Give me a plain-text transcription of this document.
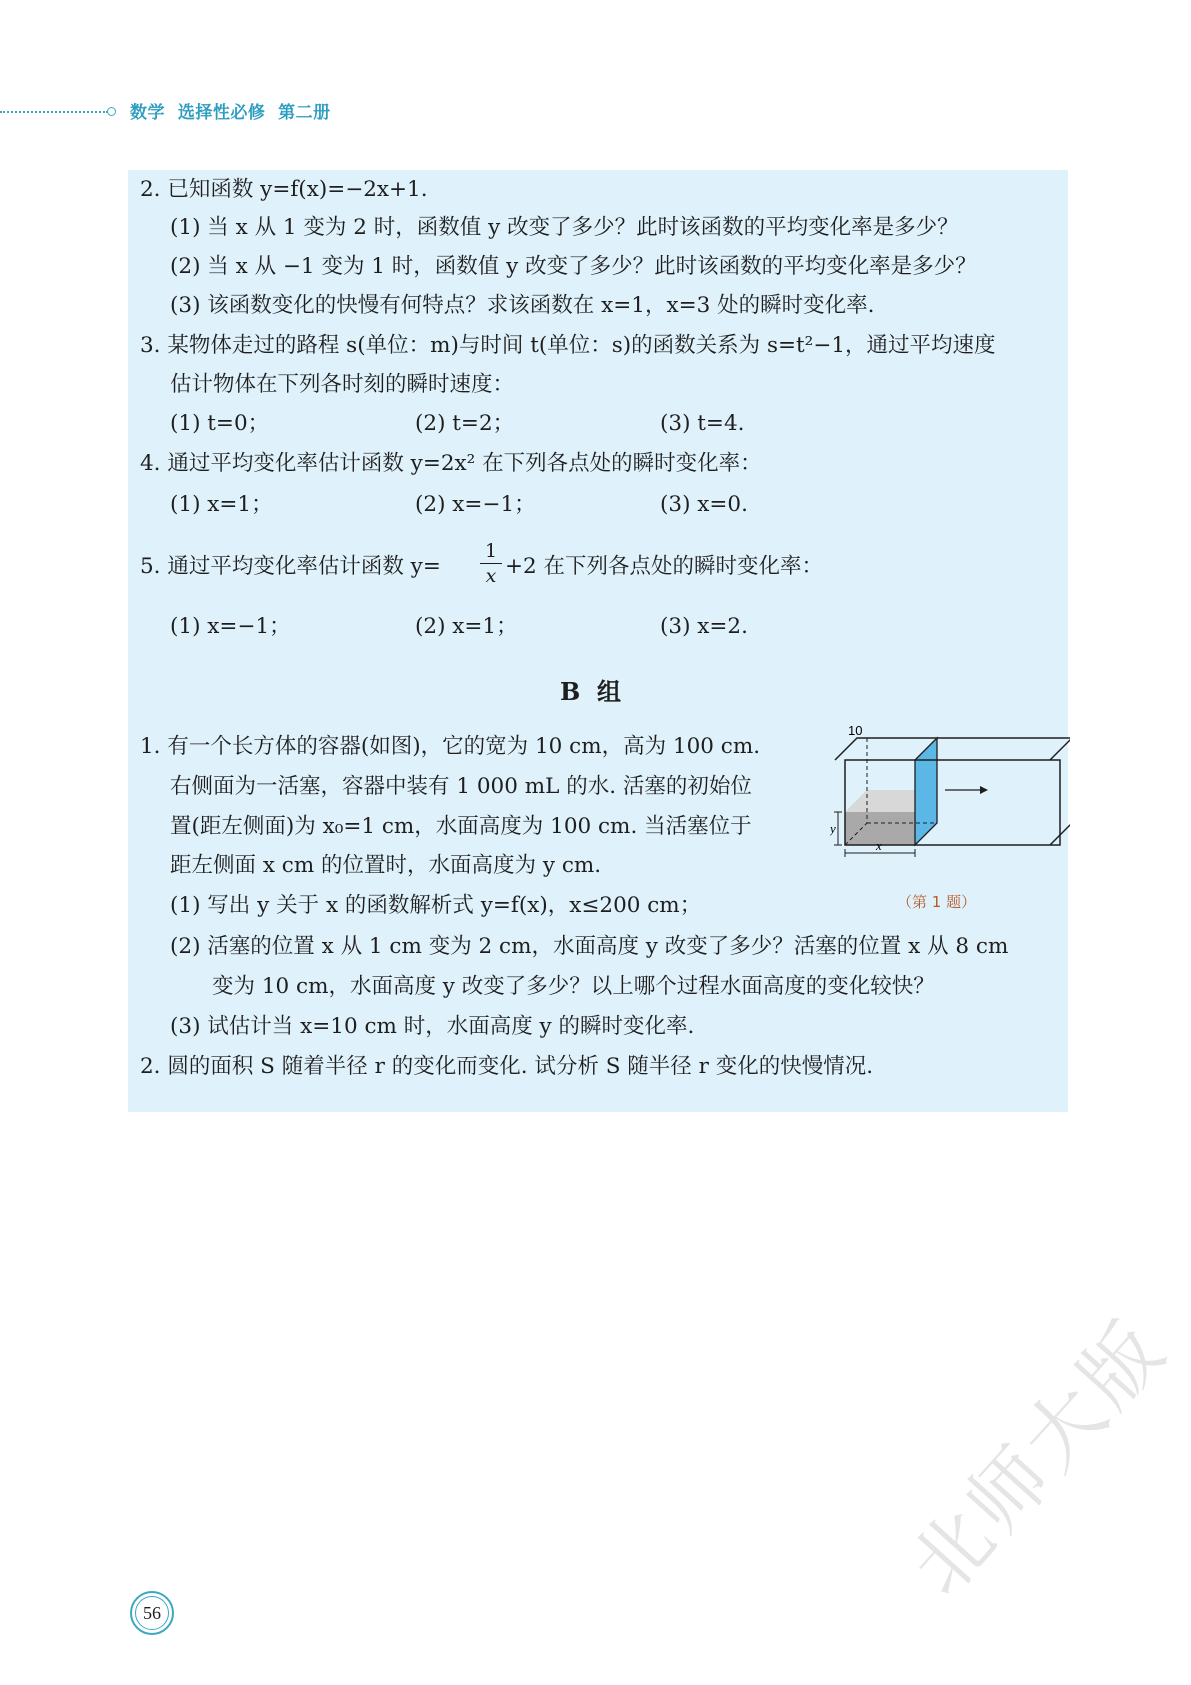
数学  选择性必修  第二册
2. 已知函数 y=f(x)=−2x+1.
(1) 当 x 从 1 变为 2 时，函数值 y 改变了多少？此时该函数的平均变化率是多少？
(2) 当 x 从 −1 变为 1 时，函数值 y 改变了多少？此时该函数的平均变化率是多少？
(3) 该函数变化的快慢有何特点？求该函数在 x=1，x=3 处的瞬时变化率.
3. 某物体走过的路程 s(单位：m)与时间 t(单位：s)的函数关系为 s=t²−1，通过平均速度
估计物体在下列各时刻的瞬时速度：
(1) t=0；	(2) t=2；	(3) t=4.
4. 通过平均变化率估计函数 y=2x² 在下列各点处的瞬时变化率：
(1) x=1；	(2) x=−1；	(3) x=0.
5. 通过平均变化率估计函数 y=
1
x +2 在下列各点处的瞬时变化率：
(1) x=−1；	(2) x=1；	(3) x=2.
B  组
1. 有一个长方体的容器(如图)，它的宽为 10 cm，高为 100 cm.
右侧面为一活塞，容器中装有 1 000 mL 的水. 活塞的初始位
置(距左侧面)为 x₀=1 cm，水面高度为 100 cm. 当活塞位于
距左侧面 x cm 的位置时，水面高度为 y cm.
(1) 写出 y 关于 x 的函数解析式 y=f(x)，x≤200 cm；
(2) 活塞的位置 x 从 1 cm 变为 2 cm，水面高度 y 改变了多少？活塞的位置 x 从 8 cm
变为 10 cm，水面高度 y 改变了多少？以上哪个过程水面高度的变化较快？
(3) 试估计当 x=10 cm 时，水面高度 y 的瞬时变化率.
2. 圆的面积 S 随着半径 r 的变化而变化. 试分析 S 随半径 r 变化的快慢情况.
y
x
10
（第 1 题）
56
北师大版
